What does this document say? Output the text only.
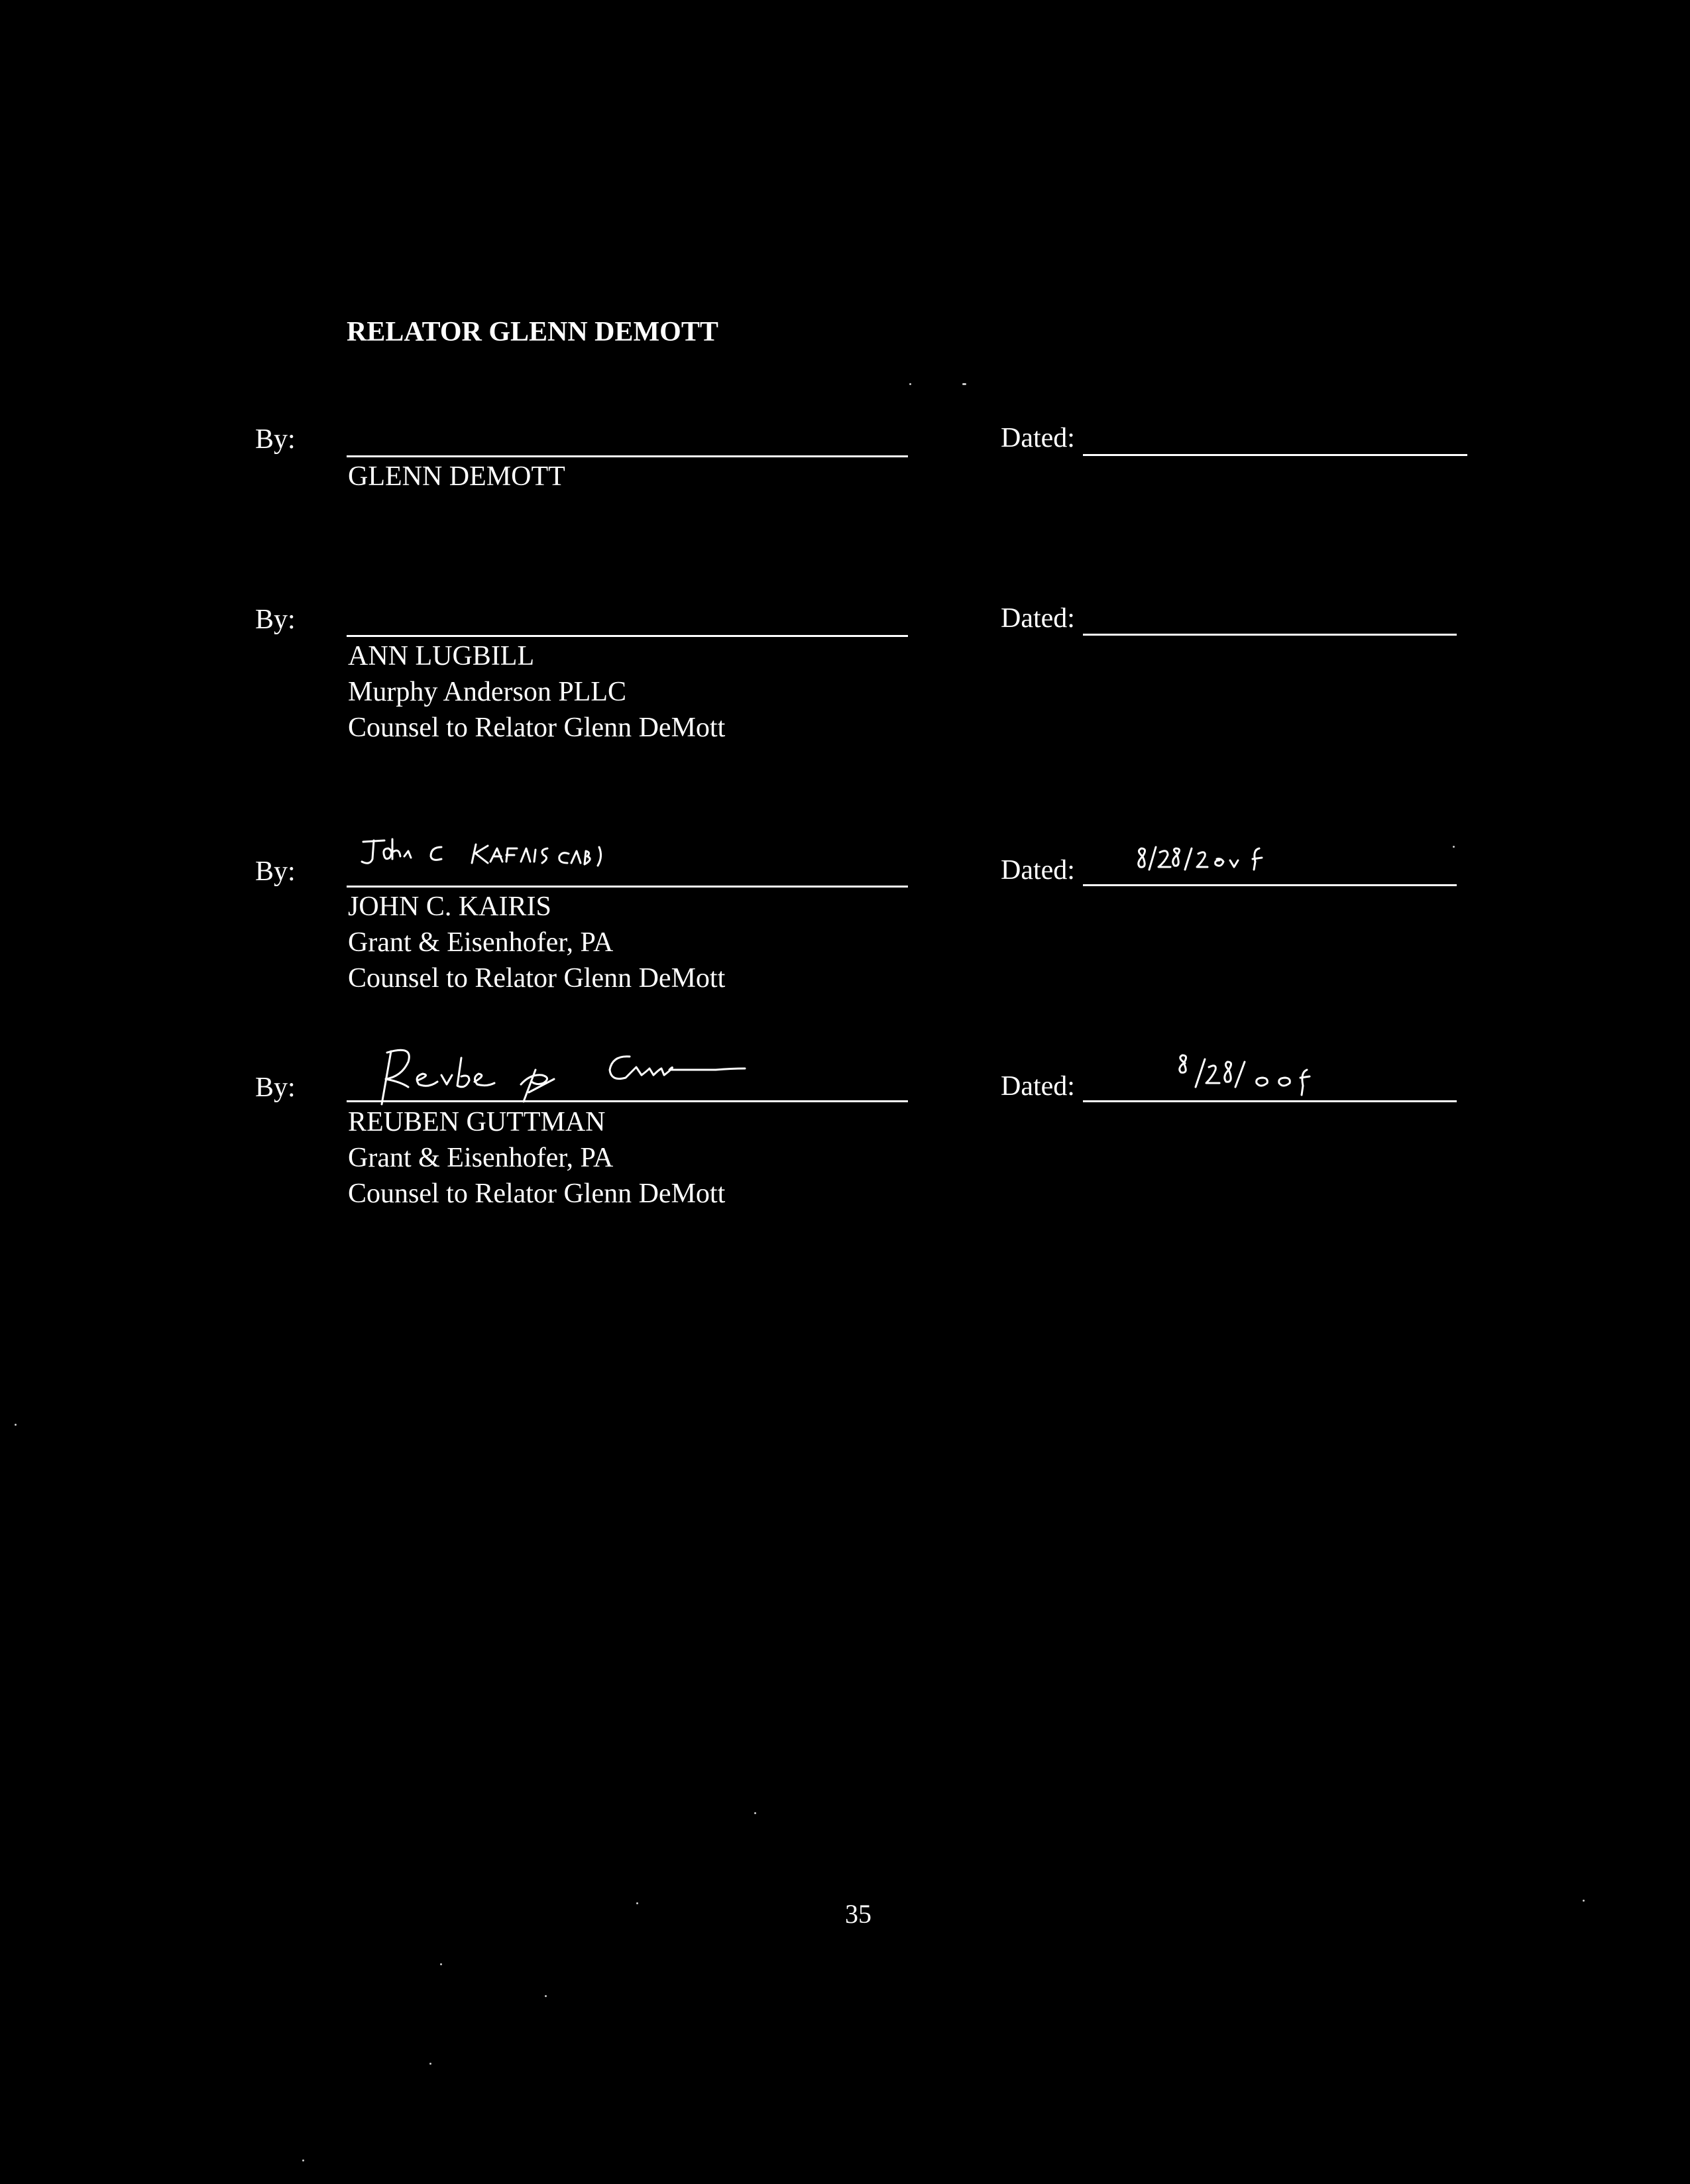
RELATOR GLENN DEMOTT
By:	Dated:
GLENN DEMOTT
By:	Dated:
ANN LUGBILL
Murphy Anderson PLLC
Counsel to Relator Glenn DeMott
By:	Dated:
JOHN C. KAIRIS
Grant & Eisenhofer, PA
Counsel to Relator Glenn DeMott
By:	Dated:
REUBEN GUTTMAN
Grant & Eisenhofer, PA
Counsel to Relator Glenn DeMott
35
